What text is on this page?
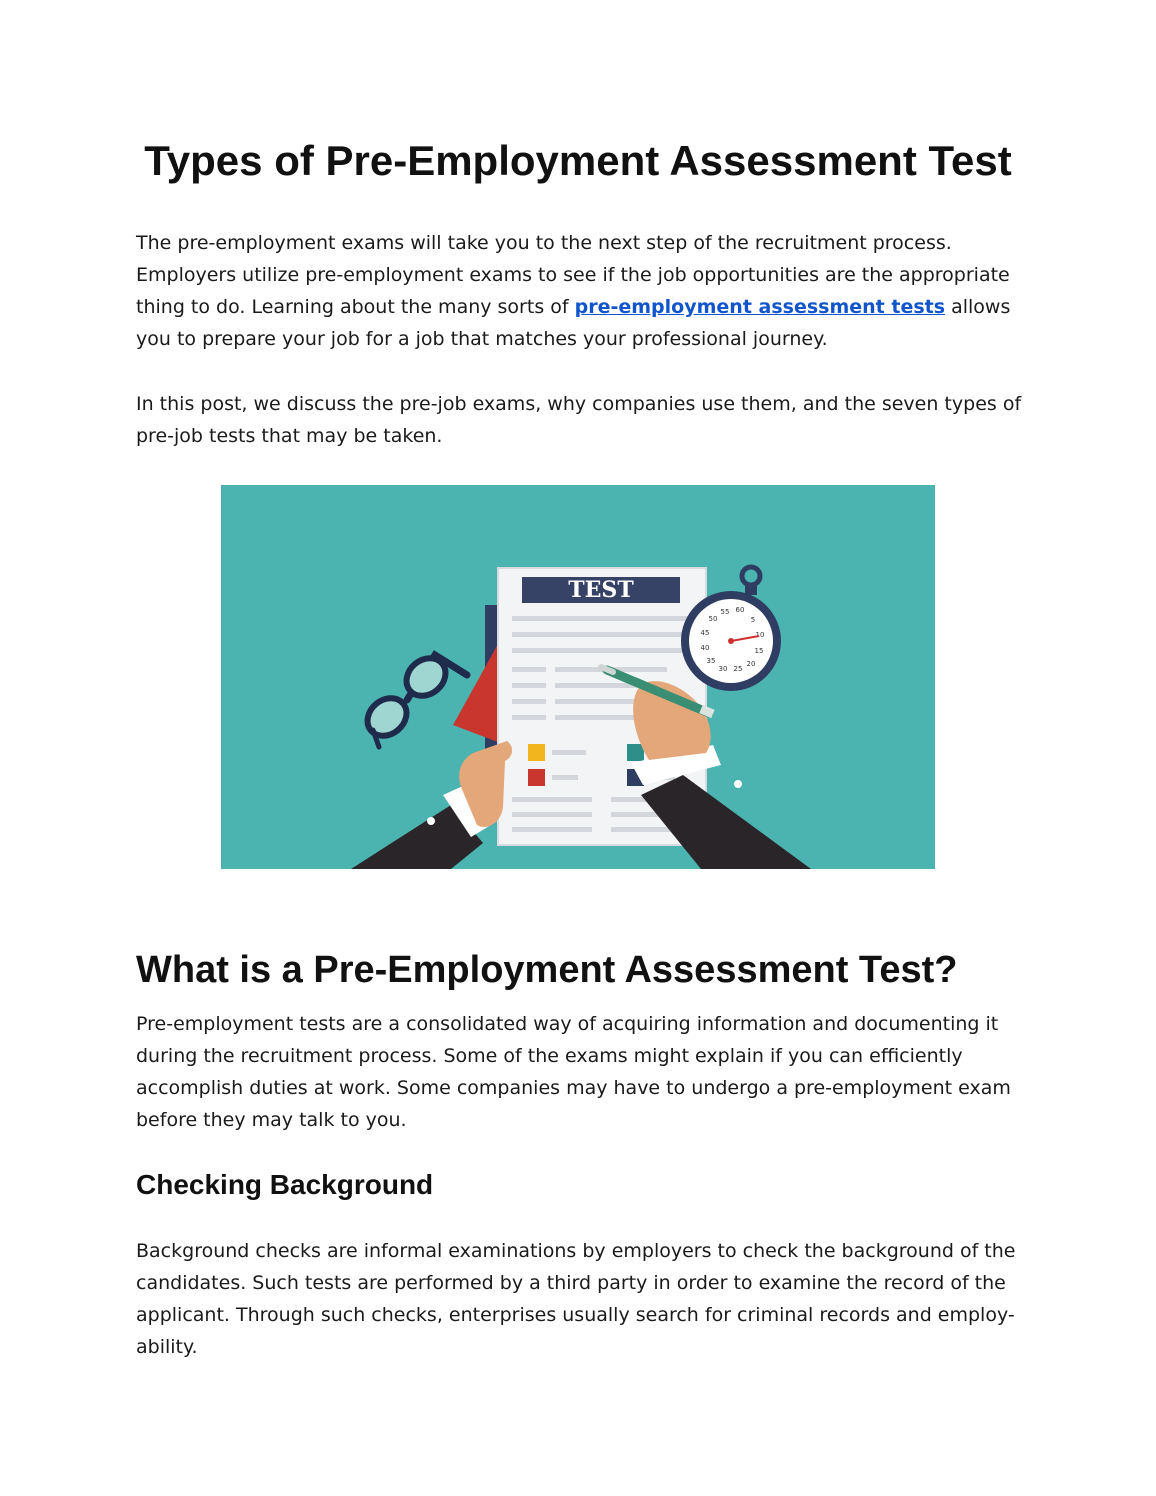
Types of Pre-Employment Assessment Test

The pre-employment exams will take you to the next step of the recruitment process. Employers utilize pre-employment exams to see if the job opportunities are the appropriate thing to do. Learning about the many sorts of pre-employment assessment tests allows you to prepare your job for a job that matches your professional journey.

In this post, we discuss the pre-job exams, why companies use them, and the seven types of pre-job tests that may be taken.

TEST
55 60
5
50
10
45
15
40
20
35
30 25
What is a Pre-Employment Assessment Test?

Pre-employment tests are a consolidated way of acquiring information and documenting it during the recruitment process. Some of the exams might explain if you can efficiently accomplish duties at work. Some companies may have to undergo a pre-employment exam before they may talk to you.

Checking Background

Background checks are informal examinations by employers to check the background of the candidates. Such tests are performed by a third party in order to examine the record of the applicant. Through such checks, enterprises usually search for criminal records and employ-ability.
